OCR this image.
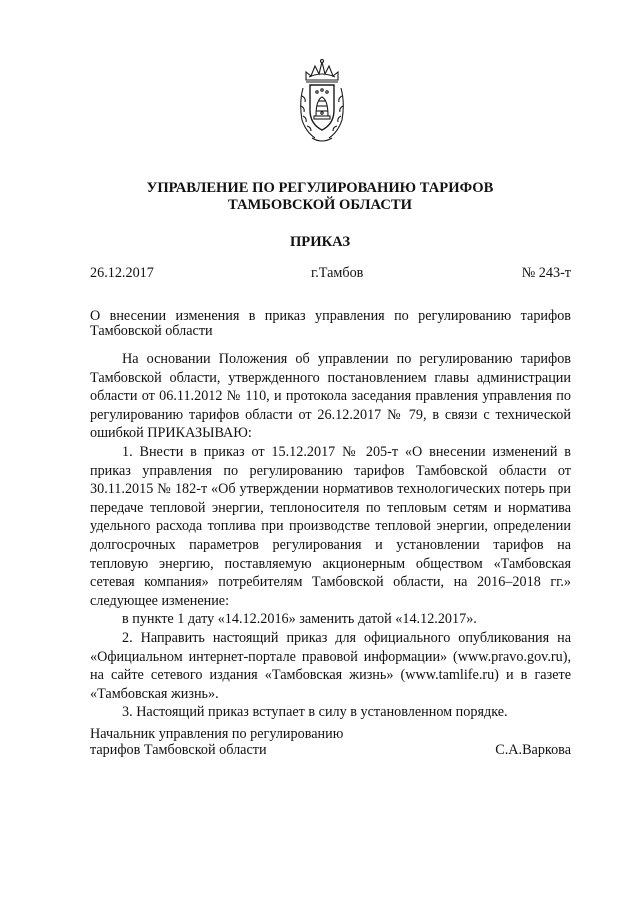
УПРАВЛЕНИЕ ПО РЕГУЛИРОВАНИЮ ТАРИФОВ
ТАМБОВСКОЙ ОБЛАСТИ
ПРИКАЗ
26.12.2017	г.Тамбов	№ 243-т
О внесении изменения в приказ управления по регулированию тарифов Тамбовской области

На основании Положения об управлении по регулированию тарифов Тамбовской области, утвержденного постановлением главы администрации области от 06.11.2012 № 110, и протокола заседания правления управления по регулированию тарифов области от 26.12.2017 № 79, в связи с технической ошибкой ПРИКАЗЫВАЮ:

1. Внести в приказ от 15.12.2017 № 205-т «О внесении изменений в приказ управления по регулированию тарифов Тамбовской области от 30.11.2015 № 182-т «Об утверждении нормативов технологических потерь при передаче тепловой энергии, теплоносителя по тепловым сетям и норматива удельного расхода топлива при производстве тепловой энергии, определении долгосрочных параметров регулирования и установлении тарифов на тепловую энергию, поставляемую акционерным обществом «Тамбовская сетевая компания» потребителям Тамбовской области, на 2016–2018 гг.» следующее изменение:

в пункте 1 дату «14.12.2016» заменить датой «14.12.2017».

2. Направить настоящий приказ для официального опубликования на «Официальном интернет-портале правовой информации» (www.pravo.gov.ru), на сайте сетевого издания «Тамбовская жизнь» (www.tamlife.ru) и в газете «Тамбовская жизнь».

3. Настоящий приказ вступает в силу в установленном порядке.

Начальник управления по регулированию
тарифов Тамбовской области	С.А.Варкова
